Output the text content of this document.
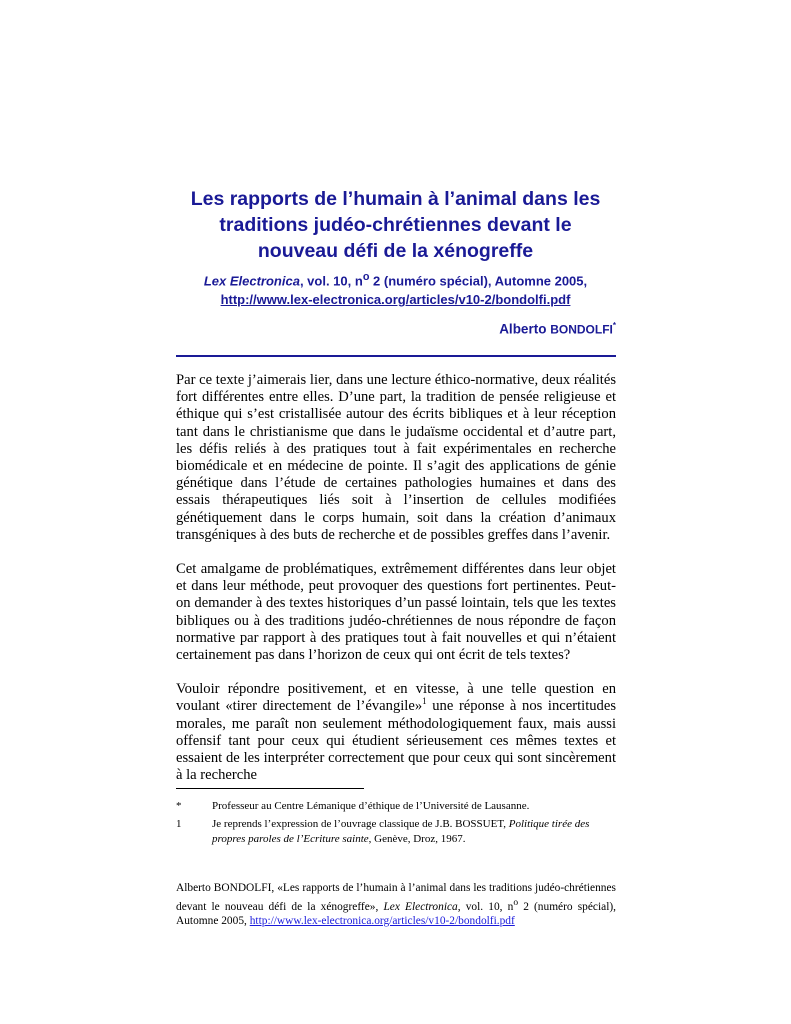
Les rapports de l’humain à l’animal dans les

traditions judéo-chrétiennes devant le

nouveau défi de la xénogreffe

Lex Electronica, vol. 10, $n^o$ 2 (numéro spécial), Automne 2005,
http://www.lex-electronica.org/articles/v10-2/bondolfi.pdf
Alberto BONDOLFI*

Par ce texte j’aimerais lier, dans une lecture éthico-normative, deux réalités fort différentes entre elles. D’une part, la tradition de pensée religieuse et éthique qui s’est cristallisée autour des écrits bibliques et à leur réception tant dans le christianisme que dans le judaïsme occidental et d’autre part, les défis reliés à des pratiques tout à fait expérimentales en recherche biomédicale et en médecine de pointe. Il s’agit des applications de génie génétique dans l’étude de certaines pathologies humaines et dans des essais thérapeutiques liés soit à l’insertion de cellules modifiées génétiquement dans le corps humain, soit dans la création d’animaux transgéniques à des buts de recherche et de possibles greffes dans l’avenir.

Cet amalgame de problématiques, extrêmement différentes dans leur objet et dans leur méthode, peut provoquer des questions fort pertinentes. Peut-on demander à des textes historiques d’un passé lointain, tels que les textes bibliques ou à des traditions judéo-chrétiennes de nous répondre de façon normative par rapport à des pratiques tout à fait nouvelles et qui n’étaient certainement pas dans l’horizon de ceux qui ont écrit de tels textes?

Vouloir répondre positivement, et en vitesse, à une telle question en voulant «tirer directement de l’évangile»$^1$ une réponse à nos incertitudes morales, me paraît non seulement méthodologiquement faux, mais aussi offensif tant pour ceux qui étudient sérieusement ces mêmes textes et essaient de les interpréter correctement que pour ceux qui sont sincèrement à la recherche

*	Professeur au Centre Lémanique d’éthique de l’Université de Lausanne.
1	Je reprends l’expression de l’ouvrage classique de J.B. BOSSUET, Politique tirée des propres paroles de l’Ecriture sainte, Genève, Droz, 1967.
Alberto BONDOLFI, «Les rapports de l’humain à l’animal dans les traditions judéo-chrétiennes devant le nouveau défi de la xénogreffe», Lex Electronica, vol. 10, $n^o$ 2 (numéro spécial), Automne 2005, http://www.lex-electronica.org/articles/v10-2/bondolfi.pdf
